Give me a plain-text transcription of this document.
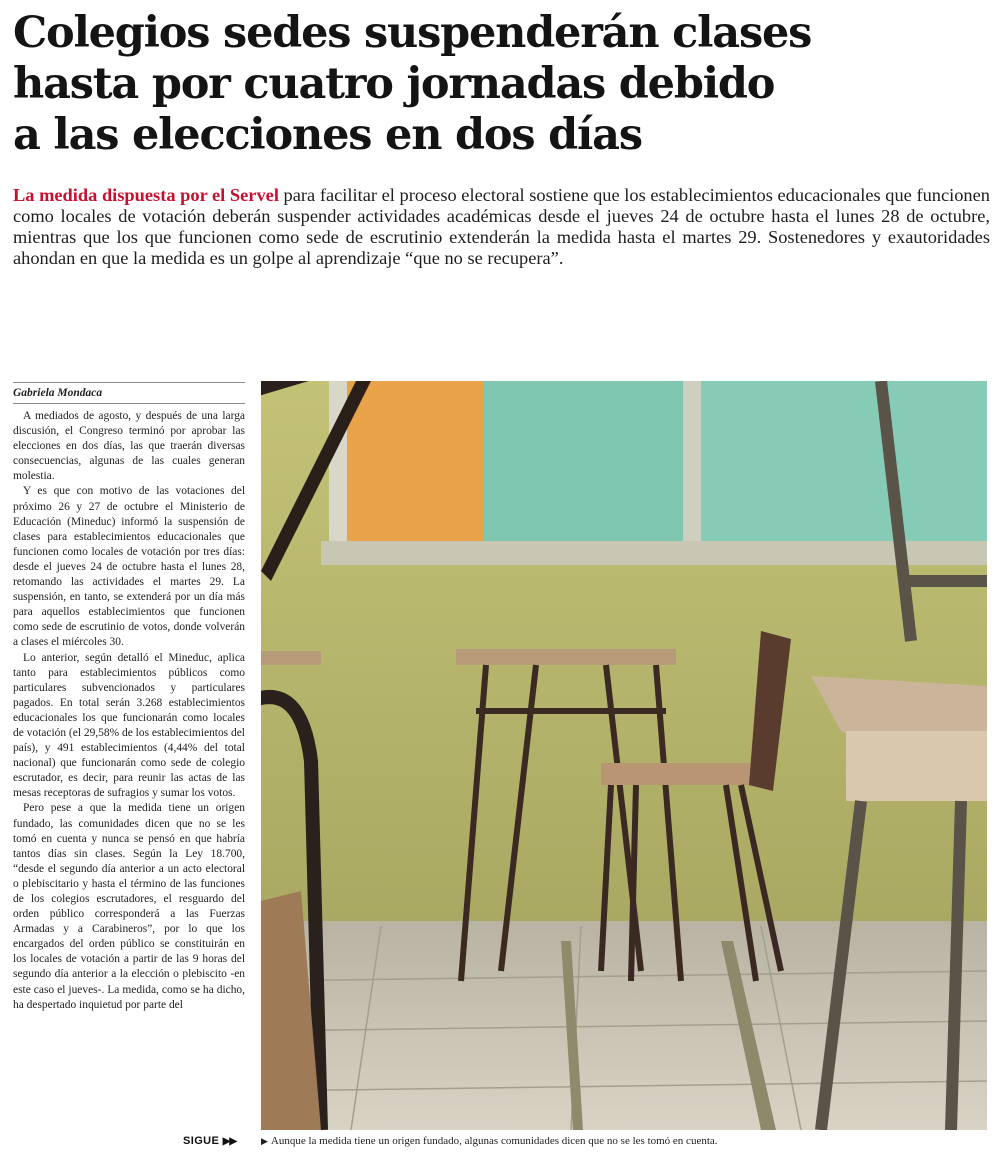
Colegios sedes suspenderán clases
hasta por cuatro jornadas debido
a las elecciones en dos días
La medida dispuesta por el Servel para facilitar el proceso electoral sostiene que los establecimientos educacionales que funcionen como locales de votación deberán suspender actividades académicas desde el jueves 24 de octubre hasta el lunes 28 de octubre, mientras que los que funcionen como sede de escrutinio extenderán la medida hasta el martes 29. Sostenedores y exautoridades ahondan en que la medida es un golpe al aprendizaje “que no se recupera”.
Gabriela Mondaca

A mediados de agosto, y después de una larga discusión, el Congreso terminó por aprobar las elecciones en dos días, las que traerán diversas consecuencias, algunas de las cuales generan molestia.

Y es que con motivo de las votaciones del próximo 26 y 27 de octubre el Ministerio de Educación (Mineduc) informó la suspensión de clases para establecimientos educacionales que funcionen como locales de votación por tres días: desde el jueves 24 de octubre hasta el lunes 28, retomando las actividades el martes 29. La suspensión, en tanto, se extenderá por un día más para aquellos establecimientos que funcionen como sede de escrutinio de votos, donde volverán a clases el miércoles 30.

Lo anterior, según detalló el Mineduc, aplica tanto para establecimientos públicos como particulares subvencionados y particulares pagados. En total serán 3.268 establecimientos educacionales los que funcionarán como locales de votación (el 29,58% de los establecimientos del país), y 491 establecimientos (4,44% del total nacional) que funcionarán como sede de colegio escrutador, es decir, para reunir las actas de las mesas receptoras de sufragios y sumar los votos.

Pero pese a que la medida tiene un origen fundado, las comunidades dicen que no se les tomó en cuenta y nunca se pensó en que habría tantos días sin clases. Según la Ley 18.700, “desde el segundo día anterior a un acto electoral o plebiscitario y hasta el término de las funciones de los colegios escrutadores, el resguardo del orden público corresponderá a las Fuerzas Armadas y a Carabineros”, por lo que los encargados del orden público se constituirán en los locales de votación a partir de las 9 horas del segundo día anterior a la elección o plebiscito -en este caso el jueves-. La medida, como se ha dicho, ha despertado inquietud por parte del

SIGUE ▶▶	▶ Aunque la medida tiene un origen fundado, algunas comunidades dicen que no se les tomó en cuenta.
